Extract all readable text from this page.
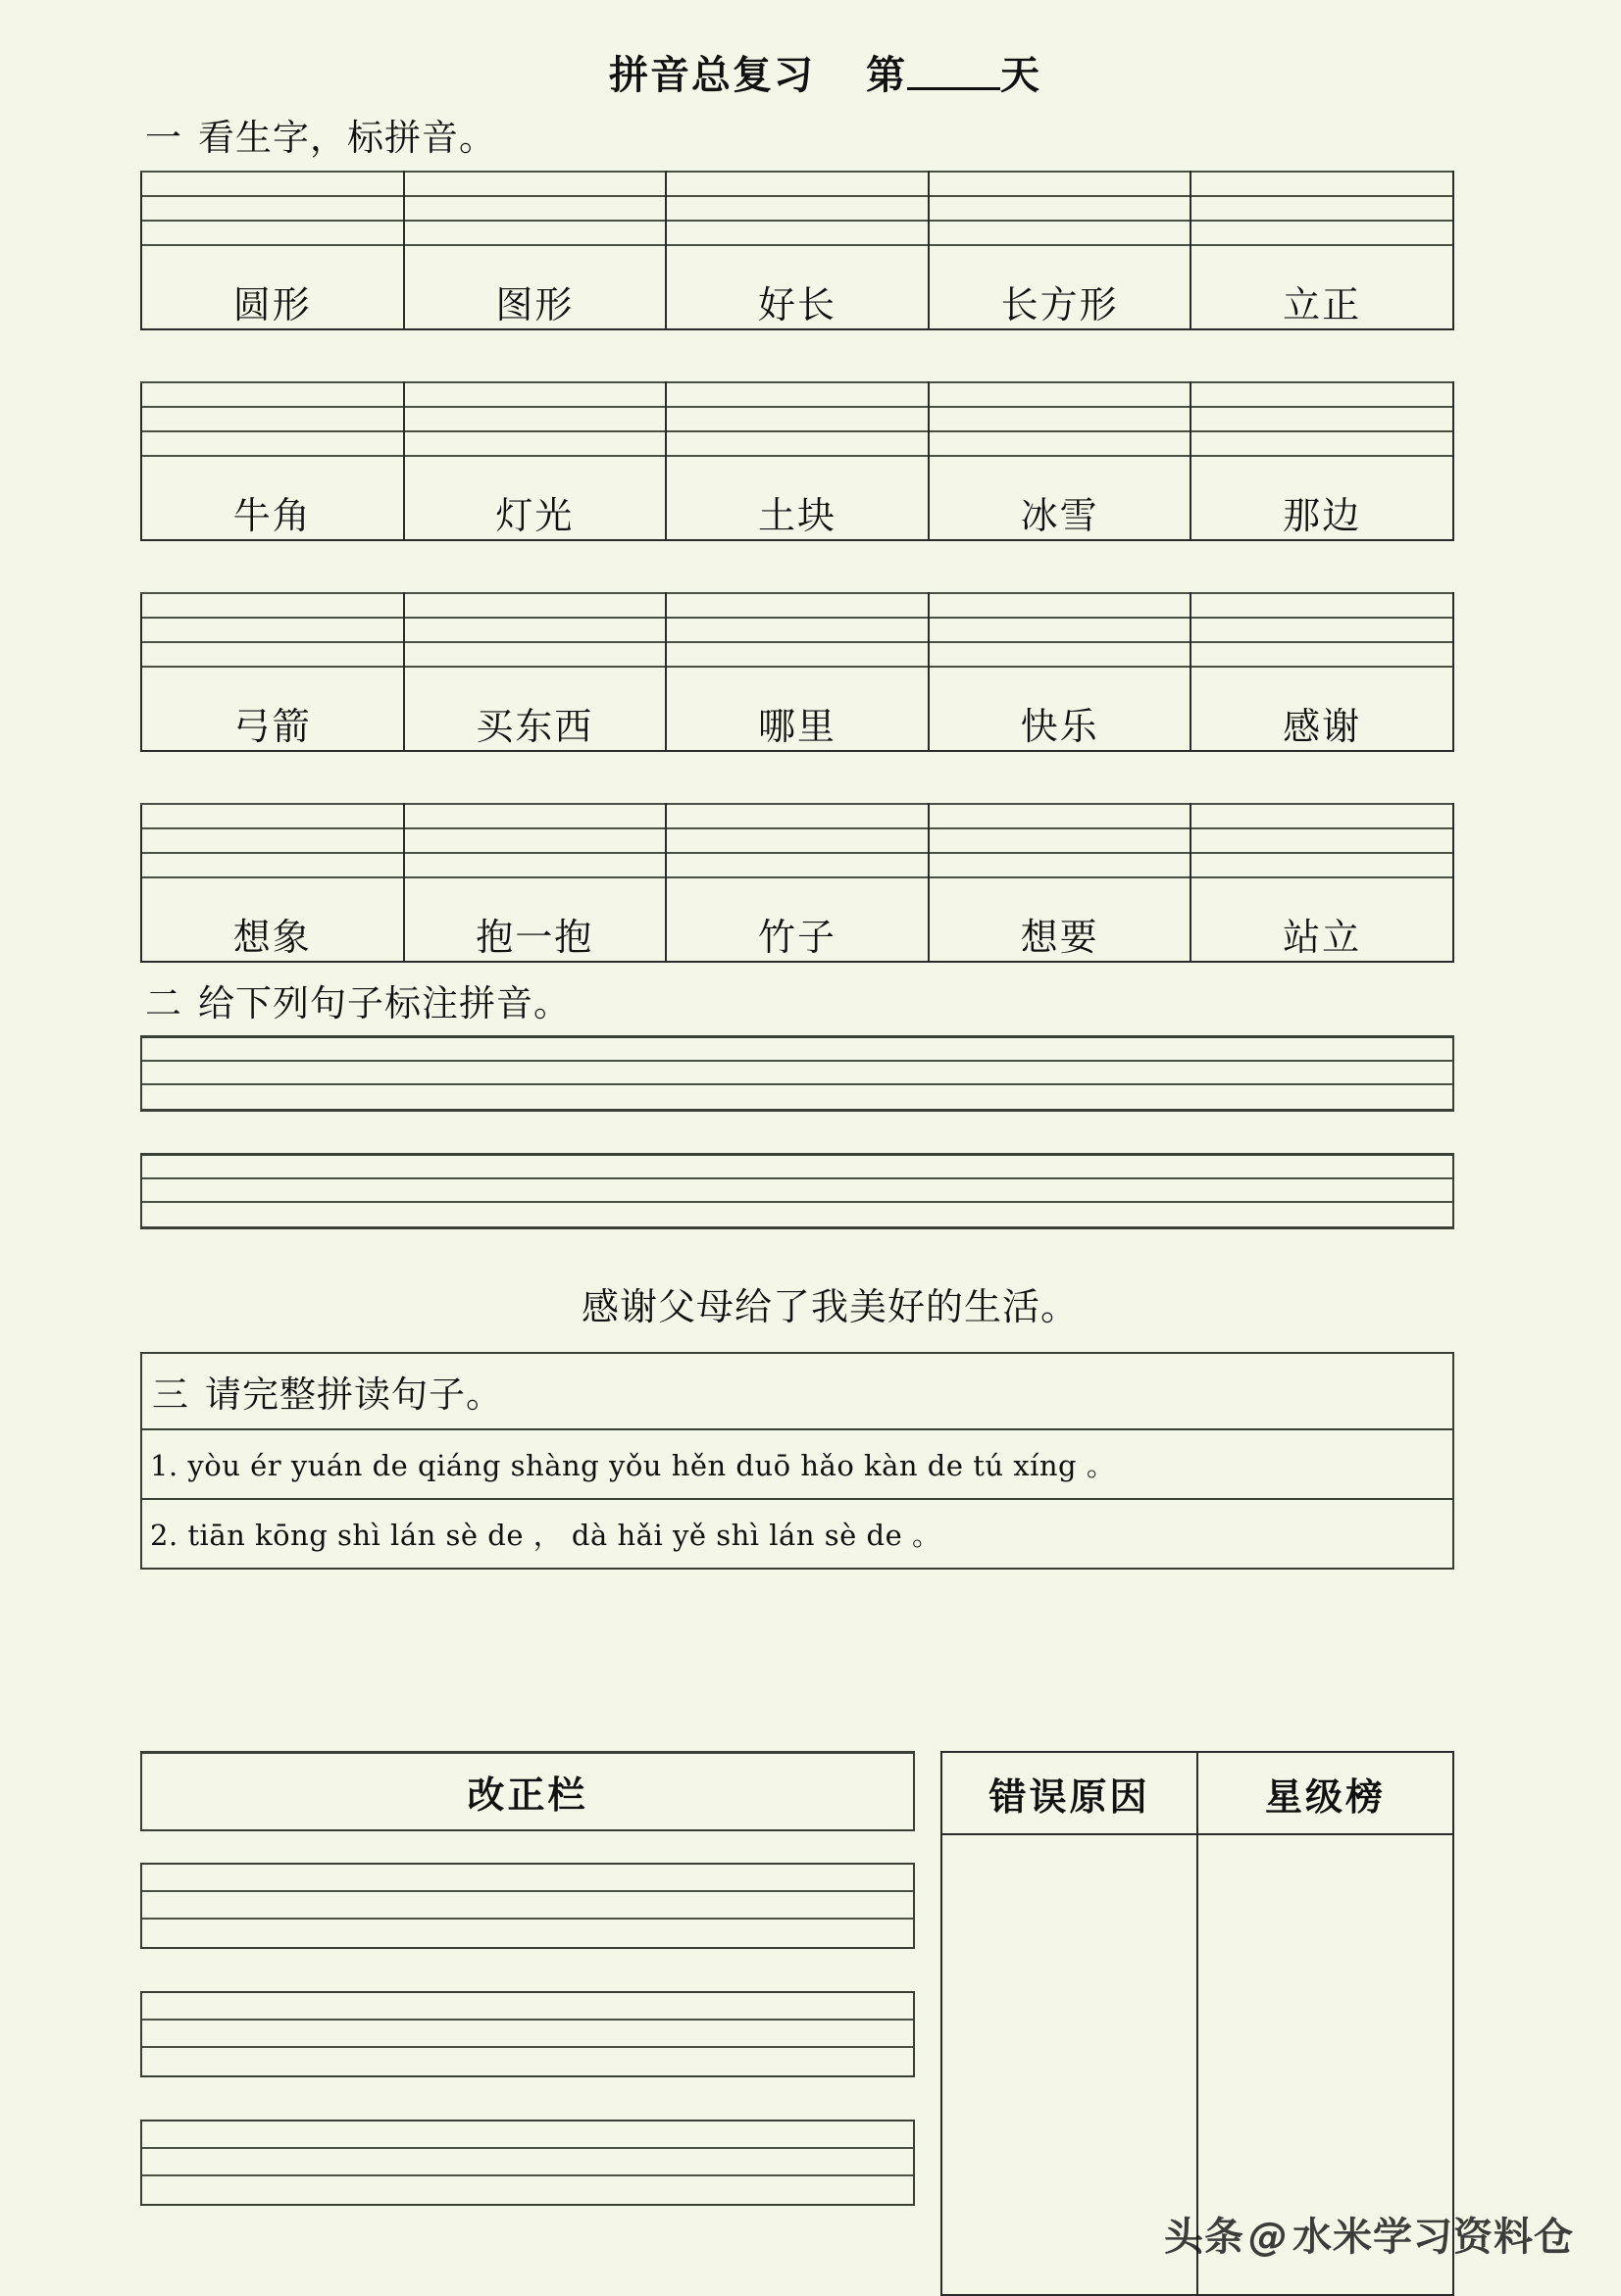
拼音总复习 第 天
一 看生字，标拼音。

圆形	图形	好长	长方形	立正

牛角	灯光	土块	冰雪	那边

弓箭	买东西	哪里	快乐	感谢

想象	抱一抱	竹子	想要	站立
二 给下列句子标注拼音。
感谢父母给了我美好的生活。
三 请完整拼读句子。
1. yòu ér yuán de qiáng shàng yǒu hěn duō hǎo kàn de tú xíng 。
2. tiān kōng shì lán sè de ， dà hǎi yě shì lán sè de 。
改正栏	错误原因	星级榜

头条 @ 水米学习资料仓
